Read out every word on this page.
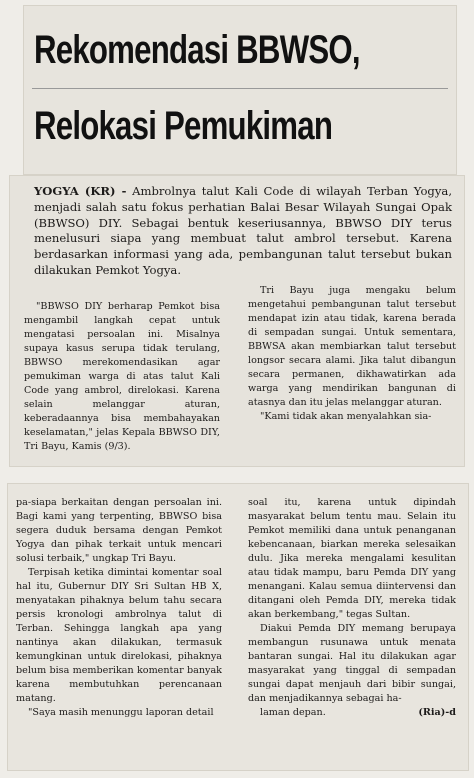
Rekomendasi BBWSO,
Relokasi Pemukiman
YOGYA (KR) - Ambrolnya talut Kali Code di wilayah Terban Yogya, menjadi salah satu fokus perhatian Balai Besar Wilayah Sungai Opak (BBWSO) DIY. Sebagai bentuk keseriusannya, BBWSO DIY terus menelusuri siapa yang membuat talut ambrol tersebut. Karena berdasarkan informasi yang ada, pembangunan talut tersebut bukan dilakukan Pemkot Yogya.

"BBWSO DIY berharap Pemkot bisa mengambil langkah cepat untuk mengatasi persoalan ini. Misalnya supaya kasus serupa tidak terulang, BBWSO merekomendasikan agar pemukiman warga di atas talut Kali Code yang ambrol, direlokasi. Karena selain melanggar aturan, keberadaannya bisa membahayakan keselamatan," jelas Kepala BBWSO DIY, Tri Bayu, Kamis (9/3).

Tri Bayu juga mengaku belum mengetahui pembangunan talut tersebut mendapat izin atau tidak, karena berada di sempadan sungai. Untuk sementara, BBWSA akan membiarkan talut tersebut longsor secara alami. Jika talut dibangun secara permanen, dikhawatirkan ada warga yang mendirikan bangunan di atasnya dan itu jelas melanggar aturan.

"Kami tidak akan menyalahkan sia-

pa-siapa berkaitan dengan persoalan ini. Bagi kami yang terpenting, BBWSO bisa segera duduk bersama dengan Pemkot Yogya dan pihak terkait untuk mencari solusi terbaik," ungkap Tri Bayu.

Terpisah ketika dimintai komentar soal hal itu, Gubernur DIY Sri Sultan HB X, menyatakan pihaknya belum tahu secara persis kronologi ambrolnya talut di Terban. Sehingga langkah apa yang nantinya akan dilakukan, termasuk kemungkinan untuk direlokasi, pihaknya belum bisa memberikan komentar banyak karena membutuhkan perencanaan matang.

"Saya masih menunggu laporan detail

soal itu, karena untuk dipindah masyarakat belum tentu mau. Selain itu Pemkot memiliki dana untuk penanganan kebencanaan, biarkan mereka selesaikan dulu. Jika mereka mengalami kesulitan atau tidak mampu, baru Pemda DIY yang menangani. Kalau semua diintervensi dan ditangani oleh Pemda DIY, mereka tidak akan berkembang," tegas Sultan.

Diakui Pemda DIY memang berupaya membangun rusunawa untuk menata bantaran sungai. Hal itu dilakukan agar masyarakat yang tinggal di sempadan sungai dapat menjauh dari bibir sungai, dan menjadikannya sebagai ha-

laman depan.	(Ria)-d
